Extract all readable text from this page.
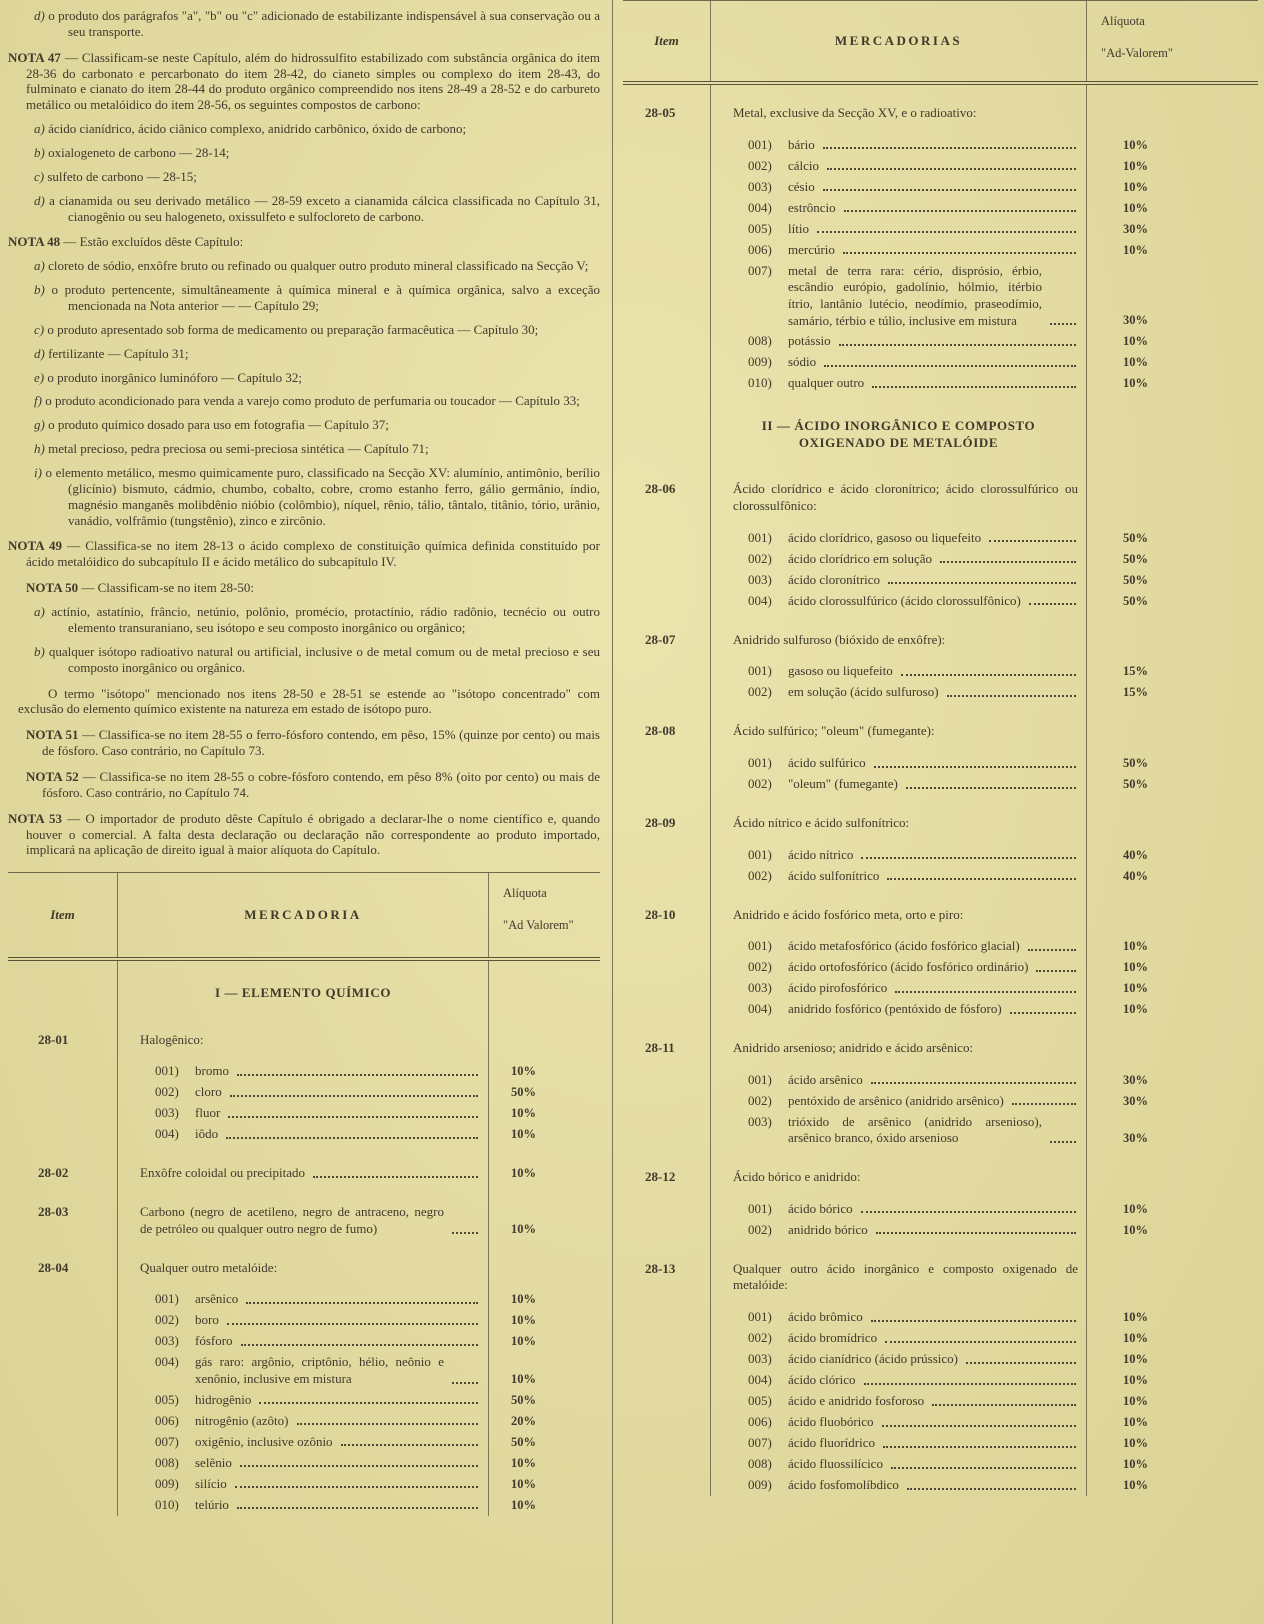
d) o produto dos parágrafos "a", "b" ou "c" adicionado de estabilizante indispensável à sua conservação ou a seu transporte.
NOTA 47 — Classificam-se neste Capítulo, além do hidrossulfito estabilizado com substância orgânica do item 28-36 do carbonato e percarbonato do item 28-42, do cianeto simples ou complexo do item 28-43, do fulminato e cianato do item 28-44 do produto orgânico compreendido nos itens 28-49 a 28-52 e do carbureto metálico ou metalóidico do item 28-56, os seguintes compostos de carbono:
a) ácido cianídrico, ácido ciânico complexo, anidrido carbônico, óxido de carbono;
b) oxialogeneto de carbono — 28-14;
c) sulfeto de carbono — 28-15;
d) a cianamida ou seu derivado metálico — 28-59 exceto a cianamida cálcica classificada no Capítulo 31, cianogênio ou seu halogeneto, oxissulfeto e sulfocloreto de carbono.
NOTA 48 — Estão excluídos dêste Capítulo:
a) cloreto de sódio, enxôfre bruto ou refinado ou qualquer outro produto mineral classificado na Secção V;
b) o produto pertencente, simultâneamente à química mineral e à química orgânica, salvo a exceção mencionada na Nota anterior — — Capítulo 29;
c) o produto apresentado sob forma de medicamento ou preparação farmacêutica — Capítulo 30;
d) fertilizante — Capítulo 31;
e) o produto inorgânico luminóforo — Capítulo 32;
f) o produto acondicionado para venda a varejo como produto de perfumaria ou toucador — Capítulo 33;
g) o produto químico dosado para uso em fotografia — Capítulo 37;
h) metal precioso, pedra preciosa ou semi-preciosa sintética — Capítulo 71;
i) o elemento metálico, mesmo quimicamente puro, classificado na Secção XV: alumínio, antimônio, berílio (glicínio) bismuto, cádmio, chumbo, cobalto, cobre, cromo estanho ferro, gálio germânio, índio, magnésio manganês molibdênio nióbio (colômbio), níquel, rênio, tálio, tântalo, titânio, tório, urânio, vanádio, volfrâmio (tungstênio), zinco e zircônio.
NOTA 49 — Classifica-se no item 28-13 o ácido complexo de constituição química definida constituído por ácido metalóidico do subcapítulo II e ácido metálico do subcapítulo IV.
NOTA 50 — Classificam-se no item 28-50:
a) actínio, astatínio, frâncio, netúnio, polônio, promécio, protactínio, rádio radônio, tecnécio ou outro elemento transuraniano, seu isótopo e seu composto inorgânico ou orgânico;
b) qualquer isótopo radioativo natural ou artificial, inclusive o de metal comum ou de metal precioso e seu composto inorgânico ou orgânico.
O termo "isótopo" mencionado nos itens 28-50 e 28-51 se estende ao "isótopo concentrado" com exclusão do elemento químico existente na natureza em estado de isótopo puro.
NOTA 51 — Classifica-se no item 28-55 o ferro-fósforo contendo, em pêso, 15% (quinze por cento) ou mais de fósforo. Caso contrário, no Capítulo 73.
NOTA 52 — Classifica-se no item 28-55 o cobre-fósforo contendo, em pêso 8% (oito por cento) ou mais de fósforo. Caso contrário, no Capítulo 74.
NOTA 53 — O importador de produto dêste Capítulo é obrigado a declarar-lhe o nome científico e, quando houver o comercial. A falta desta declaração ou declaração não correspondente ao produto importado, implicará na aplicação de direito igual à maior alíquota do Capítulo.
Item	MERCADORIA
Alíquota
"Ad Valorem"
I — ELEMENTO QUÍMICO
28-01	Halogênico:
001)	bromo	10%
002)	cloro	50%
003)	fluor	10%
004)	iôdo	10%
28-02	Enxôfre coloidal ou precipitado	10%
28-03	Carbono (negro de acetileno, negro de antraceno, negro de petróleo ou qualquer outro negro de fumo)	10%
28-04	Qualquer outro metalóide:
001)	arsênico	10%
002)	boro	10%
003)	fósforo	10%
004)	gás raro: argônio, criptônio, hélio, neônio e xenônio, inclusive em mistura	10%
005)	hidrogênio	50%
006)	nitrogênio (azôto)	20%
007)	oxigênio, inclusive ozônio	50%
008)	selênio	10%
009)	silício	10%
010)	telúrio	10%
Item	MERCADORIAS
Alíquota
"Ad-Valorem"
28-05	Metal, exclusive da Secção XV, e o radioativo:
001)	bário	10%
002)	cálcio	10%
003)	césio	10%
004)	estrôncio	10%
005)	lítio	30%
006)	mercúrio	10%
007)	metal de terra rara: cério, disprósio, érbio, escândio európio, gadolínio, hólmio, itérbio ítrio, lantânio lutécio, neodímio, praseodímio, samário, térbio e túlio, inclusive em mistura	30%
008)	potássio	10%
009)	sódio	10%
010)	qualquer outro	10%
II — ÁCIDO INORGÂNICO E COMPOSTO OXIGENADO DE METALÓIDE
28-06	Ácido clorídrico e ácido cloronítrico; ácido clorossulfúrico ou clorossulfônico:
001)	ácido clorídrico, gasoso ou liquefeito	50%
002)	ácido clorídrico em solução	50%
003)	ácido cloronítrico	50%
004)	ácido clorossulfúrico (ácido clorossulfônico)	50%
28-07	Anidrido sulfuroso (bióxido de enxôfre):
001)	gasoso ou liquefeito	15%
002)	em solução (ácido sulfuroso)	15%
28-08	Ácido sulfúrico; "oleum" (fumegante):
001)	ácido sulfúrico	50%
002)	"oleum" (fumegante)	50%
28-09	Ácido nítrico e ácido sulfonítrico:
001)	ácido nítrico	40%
002)	ácido sulfonítrico	40%
28-10	Anidrido e ácido fosfórico meta, orto e piro:
001)	ácido metafosfórico (ácido fosfórico glacial)	10%
002)	ácido ortofosfórico (ácido fosfórico ordinário)	10%
003)	ácido pirofosfórico	10%
004)	anidrido fosfórico (pentóxido de fósforo)	10%
28-11	Anidrido arsenioso; anidrido e ácido arsênico:
001)	ácido arsênico	30%
002)	pentóxido de arsênico (anidrido arsênico)	30%
003)	trióxido de arsênico (anidrido arsenioso), arsênico branco, óxido arsenioso	30%
28-12	Ácido bórico e anidrido:
001)	ácido bórico	10%
002)	anidrido bórico	10%
28-13	Qualquer outro ácido inorgânico e composto oxigenado de metalóide:
001)	ácido brômico	10%
002)	ácido bromídrico	10%
003)	ácido cianídrico (ácido prússico)	10%
004)	ácido clórico	10%
005)	ácido e anidrido fosforoso	10%
006)	ácido fluobórico	10%
007)	ácido fluorídrico	10%
008)	ácido fluossilícico	10%
009)	ácido fosfomolíbdico	10%
